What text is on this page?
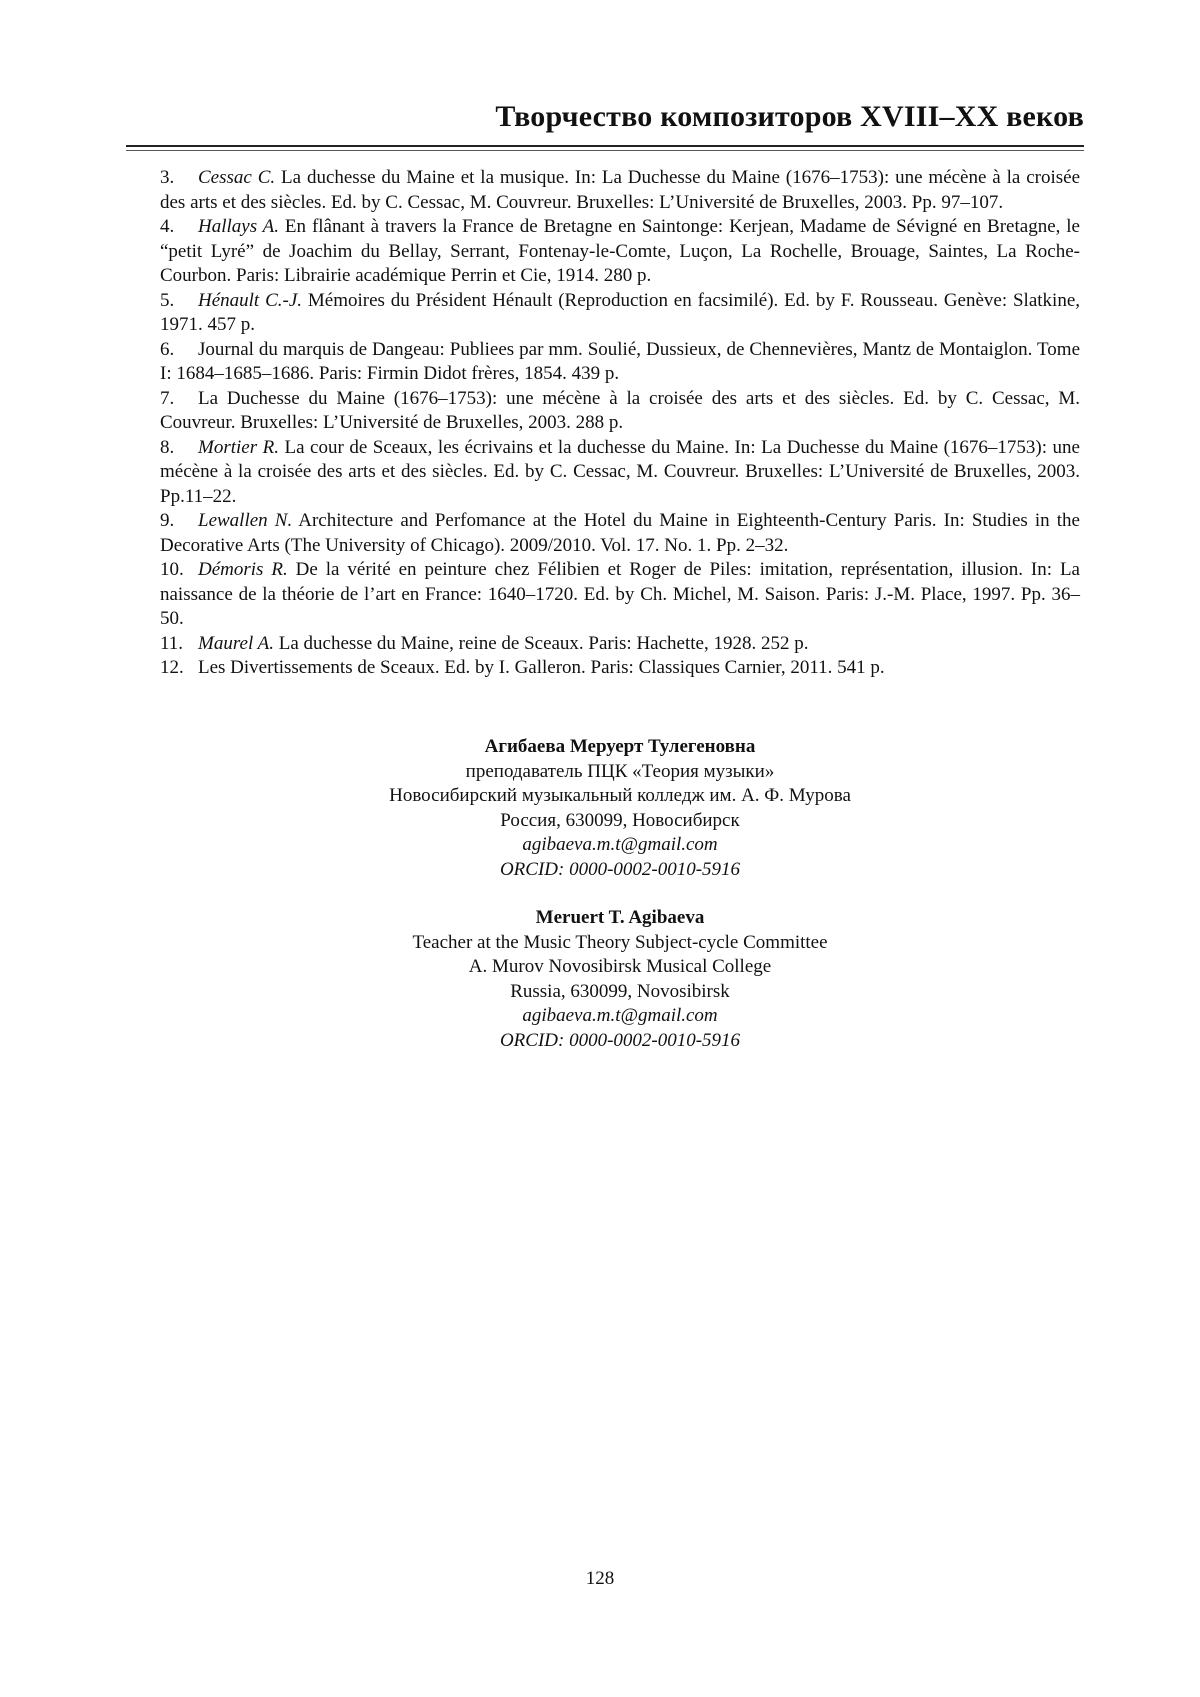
Творчество композиторов XVIII–XX веков
3. Cessac C. La duchesse du Maine et la musique. In: La Duchesse du Maine (1676–1753): une mécène à la croisée des arts et des siècles. Ed. by C. Cessac, M. Couvreur. Bruxelles: L’Université de Bruxelles, 2003. Pp. 97–107.
4. Hallays A. En flânant à travers la France de Bretagne en Saintonge: Kerjean, Madame de Sévigné en Bretagne, le “petit Lyré” de Joachim du Bellay, Serrant, Fontenay-le-Comte, Luçon, La Rochelle, Brouage, Saintes, La Roche-Courbon. Paris: Librairie académique Perrin et Cie, 1914. 280 p.
5. Hénault C.-J. Mémoires du Président Hénault (Reproduction en facsimilé). Ed. by F. Rousseau. Genève: Slatkine, 1971. 457 p.
6. Journal du marquis de Dangeau: Publiees par mm. Soulié, Dussieux, de Chennevières, Mantz de Montaiglon. Tome I: 1684–1685–1686. Paris: Firmin Didot frères, 1854. 439 p.
7. La Duchesse du Maine (1676–1753): une mécène à la croisée des arts et des siècles. Ed. by C. Cessac, M. Couvreur. Bruxelles: L’Université de Bruxelles, 2003. 288 p.
8. Mortier R. La cour de Sceaux, les écrivains et la duchesse du Maine. In: La Duchesse du Maine (1676–1753): une mécène à la croisée des arts et des siècles. Ed. by C. Cessac, M. Couvreur. Bruxelles: L’Université de Bruxelles, 2003. Pp.11–22.
9. Lewallen N. Architecture and Perfomance at the Hotel du Maine in Eighteenth-Century Paris. In: Studies in the Decorative Arts (The University of Chicago). 2009/2010. Vol. 17. No. 1. Pp. 2–32.
10. Démoris R. De la vérité en peinture chez Félibien et Roger de Piles: imitation, représentation, illusion. In: La naissance de la théorie de l’art en France: 1640–1720. Ed. by Ch. Michel, M. Saison. Paris: J.-M. Place, 1997. Pp. 36–50.
11. Maurel A. La duchesse du Maine, reine de Sceaux. Paris: Hachette, 1928. 252 p.
12. Les Divertissements de Sceaux. Ed. by I. Galleron. Paris: Classiques Carnier, 2011. 541 p.
Агибаева Меруерт Тулегеновна
преподаватель ПЦК «Теория музыки»
Новосибирский музыкальный колледж им. А. Ф. Мурова
Россия, 630099, Новосибирск
agibaeva.m.t@gmail.com
ORCID: 0000-0002-0010-5916
Meruert T. Agibaeva
Teacher at the Music Theory Subject-cycle Committee
A. Murov Novosibirsk Musical College
Russia, 630099, Novosibirsk
agibaeva.m.t@gmail.com
ORCID: 0000-0002-0010-5916
128
